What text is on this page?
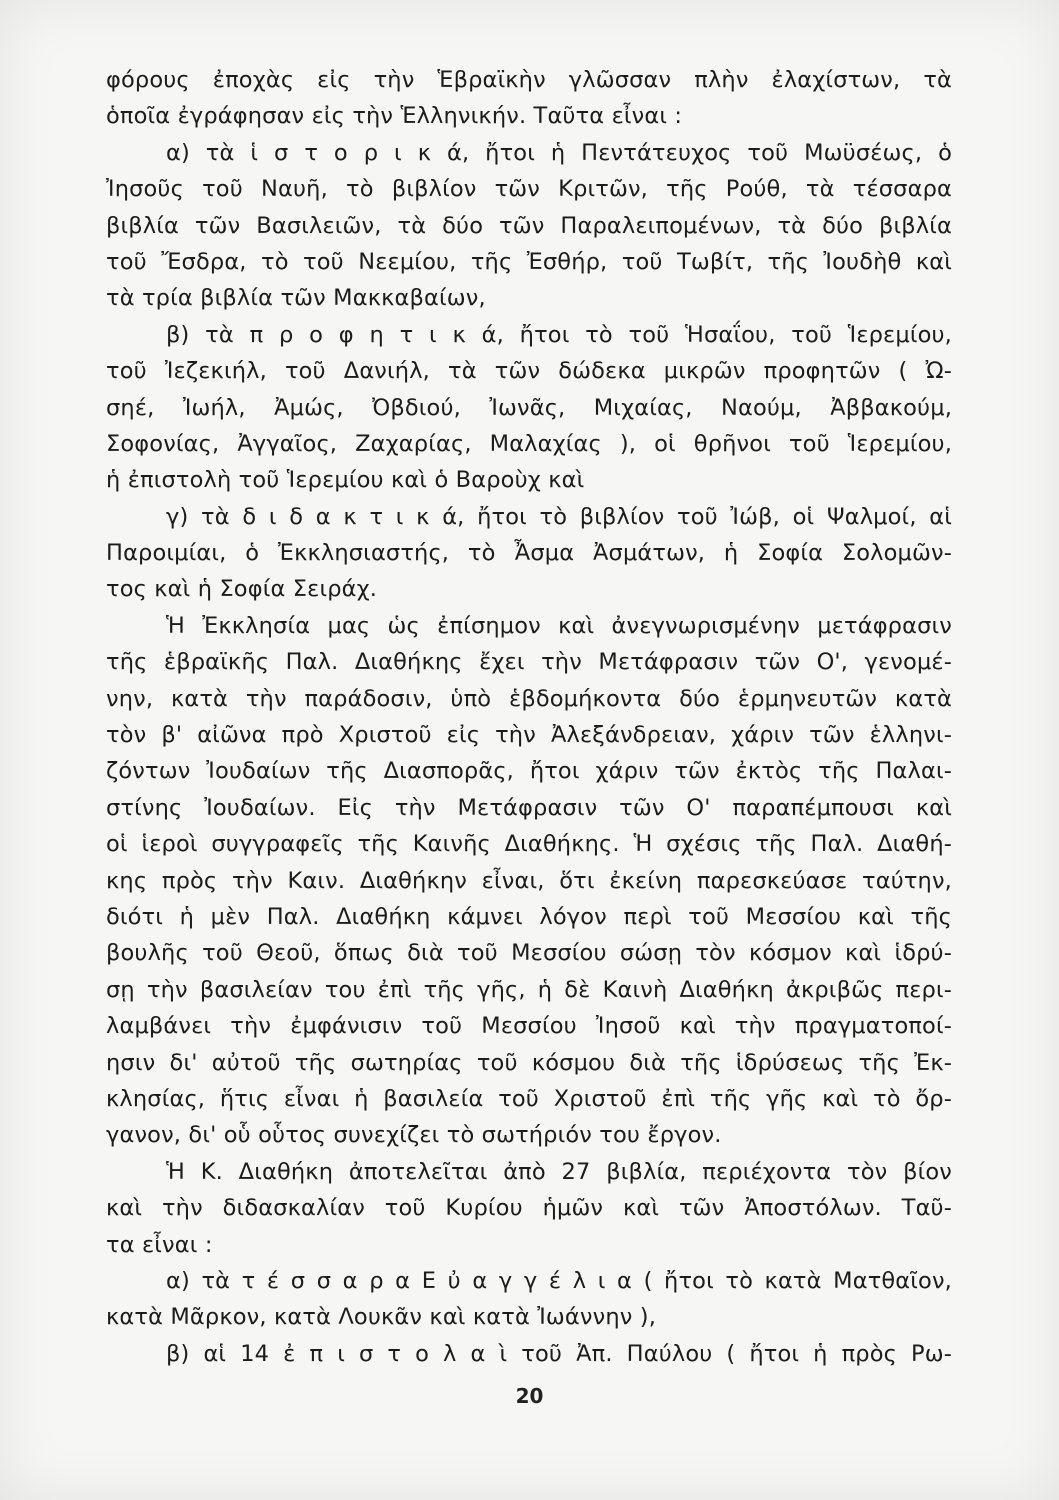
φόρους ἐποχὰς εἰς τὴν Ἑβραϊκὴν γλῶσσαν πλὴν ἐλαχίστων, τὰ
ὁποῖα ἐγράφησαν εἰς τὴν Ἑλληνικήν. Ταῦτα εἶναι :
α) τὰ ἱ σ τ ο ρ ι κ ά, ἤτοι ἡ Πεντάτευχος τοῦ Μωϋσέως, ὁ
Ἰησοῦς τοῦ Ναυῆ, τὸ βιβλίον τῶν Κριτῶν, τῆς Ρούθ, τὰ τέσσαρα
βιβλία τῶν Βασιλειῶν, τὰ δύο τῶν Παραλειπομένων, τὰ δύο βιβλία
τοῦ Ἔσδρα, τὸ τοῦ Νεεμίου, τῆς Ἐσθήρ, τοῦ Τωβίτ, τῆς Ἰουδὴθ καὶ
τὰ τρία βιβλία τῶν Μακκαβαίων,
β) τὰ π ρ ο φ η τ ι κ ά, ἤτοι τὸ τοῦ Ἡσαΐου, τοῦ Ἱερεμίου,
τοῦ Ἰεζεκιήλ, τοῦ Δανιήλ, τὰ τῶν δώδεκα μικρῶν προφητῶν ( Ὠ-
σηέ, Ἰωήλ, Ἀμώς, Ὀβδιού, Ἰωνᾶς, Μιχαίας, Ναούμ, Ἀββακούμ,
Σοφονίας, Ἀγγαῖος, Ζαχαρίας, Μαλαχίας ), οἱ θρῆνοι τοῦ Ἱερεμίου,
ἡ ἐπιστολὴ τοῦ Ἱερεμίου καὶ ὁ Βαροὺχ καὶ
γ) τὰ δ ι δ α κ τ ι κ ά, ἤτοι τὸ βιβλίον τοῦ Ἰώβ, οἱ Ψαλμοί, αἱ
Παροιμίαι, ὁ Ἐκκλησιαστής, τὸ Ἆσμα Ἀσμάτων, ἡ Σοφία Σολομῶν-
τος καὶ ἡ Σοφία Σειράχ.
Ἡ Ἐκκλησία μας ὡς ἐπίσημον καὶ ἀνεγνωρισμένην μετάφρασιν
τῆς ἑβραϊκῆς Παλ. Διαθήκης ἔχει τὴν Μετάφρασιν τῶν Ο', γενομέ-
νην, κατὰ τὴν παράδοσιν, ὑπὸ ἑβδομήκοντα δύο ἑρμηνευτῶν κατὰ
τὸν β' αἰῶνα πρὸ Χριστοῦ εἰς τὴν Ἀλεξάνδρειαν, χάριν τῶν ἑλληνι-
ζόντων Ἰουδαίων τῆς Διασπορᾶς, ἤτοι χάριν τῶν ἐκτὸς τῆς Παλαι-
στίνης Ἰουδαίων. Εἰς τὴν Μετάφρασιν τῶν Ο' παραπέμπουσι καὶ
οἱ ἱεροὶ συγγραφεῖς τῆς Καινῆς Διαθήκης. Ἡ σχέσις τῆς Παλ. Διαθή-
κης πρὸς τὴν Καιν. Διαθήκην εἶναι, ὅτι ἐκείνη παρεσκεύασε ταύτην,
διότι ἡ μὲν Παλ. Διαθήκη κάμνει λόγον περὶ τοῦ Μεσσίου καὶ τῆς
βουλῆς τοῦ Θεοῦ, ὅπως διὰ τοῦ Μεσσίου σώσῃ τὸν κόσμον καὶ ἱδρύ-
σῃ τὴν βασιλείαν του ἐπὶ τῆς γῆς, ἡ δὲ Καινὴ Διαθήκη ἀκριβῶς περι-
λαμβάνει τὴν ἐμφάνισιν τοῦ Μεσσίου Ἰησοῦ καὶ τὴν πραγματοποί-
ησιν δι' αὐτοῦ τῆς σωτηρίας τοῦ κόσμου διὰ τῆς ἱδρύσεως τῆς Ἐκ-
κλησίας, ἥτις εἶναι ἡ βασιλεία τοῦ Χριστοῦ ἐπὶ τῆς γῆς καὶ τὸ ὄρ-
γανον, δι' οὗ οὗτος συνεχίζει τὸ σωτήριόν του ἔργον.
Ἡ Κ. Διαθήκη ἀποτελεῖται ἀπὸ 27 βιβλία, περιέχοντα τὸν βίον
καὶ τὴν διδασκαλίαν τοῦ Κυρίου ἡμῶν καὶ τῶν Ἀποστόλων. Ταῦ-
τα εἶναι :
α) τὰ τ έ σ σ α ρ α Ε ὐ α γ γ έ λ ι α ( ἤτοι τὸ κατὰ Ματθαῖον,
κατὰ Μᾶρκον, κατὰ Λουκᾶν καὶ κατὰ Ἰωάννην ),
β) αἱ 14 ἐ π ι σ τ ο λ α ὶ τοῦ Ἀπ. Παύλου ( ἤτοι ἡ πρὸς Ρω-
20
